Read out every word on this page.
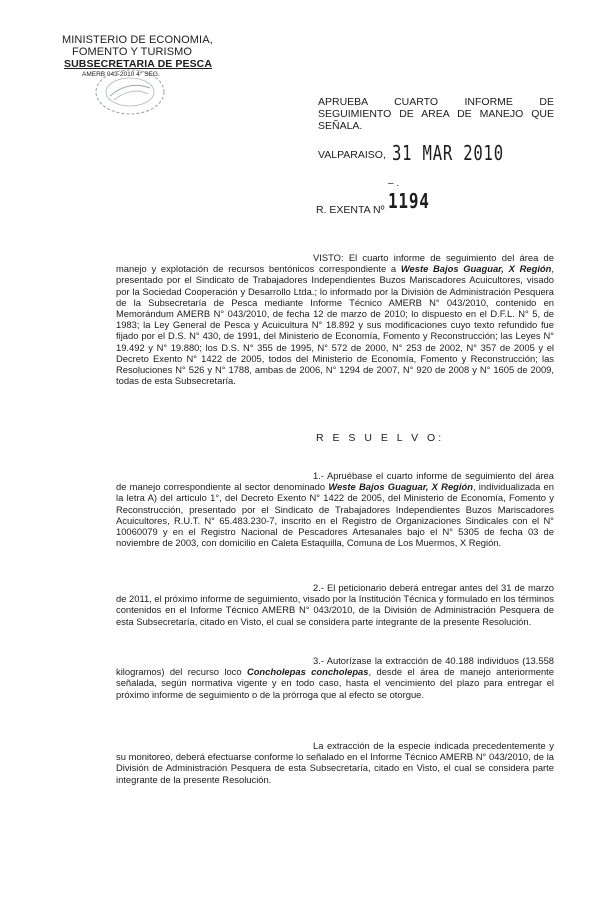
MINISTERIO DE ECONOMIA,
FOMENTO Y TURISMO
SUBSECRETARIA DE PESCA
AMERB 043-2010 4° SEG.
APRUEBA CUARTO INFORME DE SEGUIMIENTO DE AREA DE MANEJO QUE SEÑALA.
VALPARAISO, 31 MAR 2010
– .
1194
R. EXENTA Nº

VISTO: El cuarto informe de seguimiento del área de manejo y explotación de recursos bentónicos correspondiente a Weste Bajos Guaguar, X Región, presentado por el Sindicato de Trabajadores Independientes Buzos Mariscadores Acuicultores, visado por la Sociedad Cooperación y Desarrollo Ltda.; lo informado por la División de Administración Pesquera de la Subsecretaría de Pesca mediante Informe Técnico AMERB N° 043/2010, contenido en Memorándum AMERB N° 043/2010, de fecha 12 de marzo de 2010; lo dispuesto en el D.F.L. N° 5, de 1983; la Ley General de Pesca y Acuicultura N° 18.892 y sus modificaciones cuyo texto refundido fue fijado por el D.S. N° 430, de 1991, del Ministerio de Economía, Fomento y Reconstrucción; las Leyes N° 19.492 y N° 19.880; los D.S. N° 355 de 1995, N° 572 de 2000, N° 253 de 2002, N° 357 de 2005 y el Decreto Exento N° 1422 de 2005, todos del Ministerio de Economía, Fomento y Reconstrucción; las Resoluciones N° 526 y N° 1788, ambas de 2006, N° 1294 de 2007, N° 920 de 2008 y N° 1605 de 2009, todas de esta Subsecretaría.

R E S U E L V O:

1.- Apruébase el cuarto informe de seguimiento del área de manejo correspondiente al sector denominado Weste Bajos Guaguar, X Región, individualizada en la letra A) del artículo 1°, del Decreto Exento N° 1422 de 2005, del Ministerio de Economía, Fomento y Reconstrucción, presentado por el Sindicato de Trabajadores Independientes Buzos Mariscadores Acuicultores, R.U.T. N° 65.483.230-7, inscrito en el Registro de Organizaciones Sindicales con el N° 10060079 y en el Registro Nacional de Pescadores Artesanales bajo el N° 5305 de fecha 03 de noviembre de 2003, con domicilio en Caleta Estaquilla, Comuna de Los Muermos, X Región.

2.- El peticionario deberá entregar antes del 31 de marzo de 2011, el próximo informe de seguimiento, visado por la Institución Técnica y formulado en los términos contenidos en el Informe Técnico AMERB N° 043/2010, de la División de Administración Pesquera de esta Subsecretaría, citado en Visto, el cual se considera parte integrante de la presente Resolución.

3.- Autorízase la extracción de 40.188 individuos (13.558 kilogramos) del recurso loco Concholepas concholepas, desde el área de manejo anteriormente señalada, según normativa vigente y en todo caso, hasta el vencimiento del plazo para entregar el próximo informe de seguimiento o de la prórroga que al efecto se otorgue.

La extracción de la especie indicada precedentemente y su monitoreo, deberá efectuarse conforme lo señalado en el Informe Técnico AMERB N° 043/2010, de la División de Administración Pesquera de esta Subsecretaría, citado en Visto, el cual se considera parte integrante de la presente Resolución.
